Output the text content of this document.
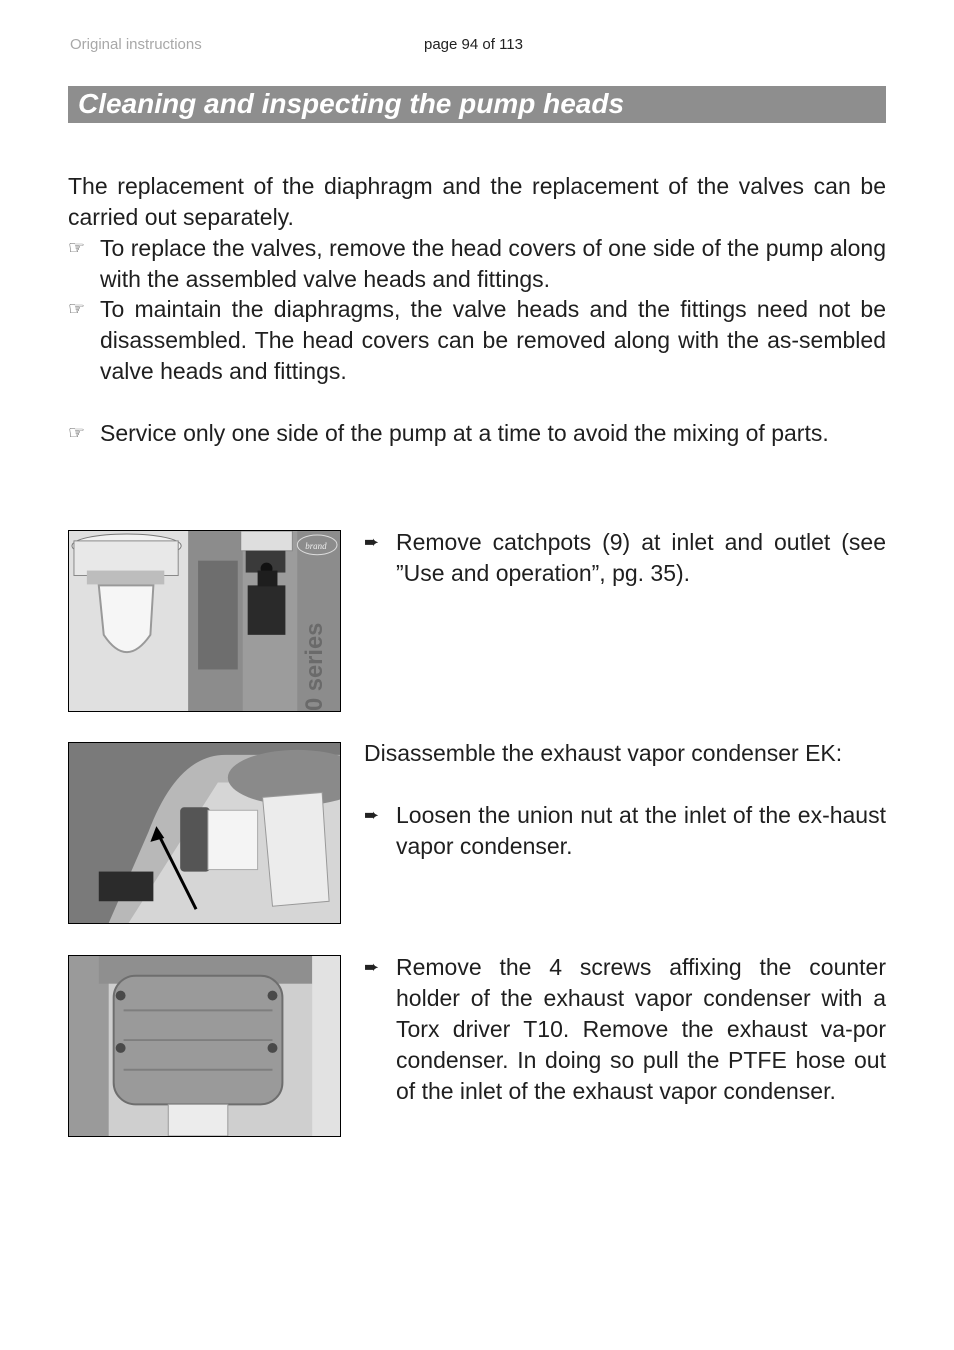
Original instructions	page 94 of 113
Cleaning and inspecting the pump heads
The replacement of the diaphragm and the replacement of the valves can be carried out separately.
☞ To replace the valves, remove the head covers of one side of the pump along with the assembled valve heads and fittings.
☞ To maintain the diaphragms, the valve heads and the fittings need not be disassembled. The head covers can be removed along with the as-sembled valve heads and fittings.
☞ Service only one side of the pump at a time to avoid the mixing of parts.
brand
0 series
➨ Remove catchpots (9) at inlet and outlet (see ”Use and operation”, pg. 35).
Disassemble the exhaust vapor condenser EK:
➨ Loosen the union nut at the inlet of the ex-haust vapor condenser.
➨ Remove the 4 screws affixing the counter holder of the exhaust vapor condenser with a Torx driver T10. Remove the exhaust va-por condenser. In doing so pull the PTFE hose out of the inlet of the exhaust vapor condenser.
